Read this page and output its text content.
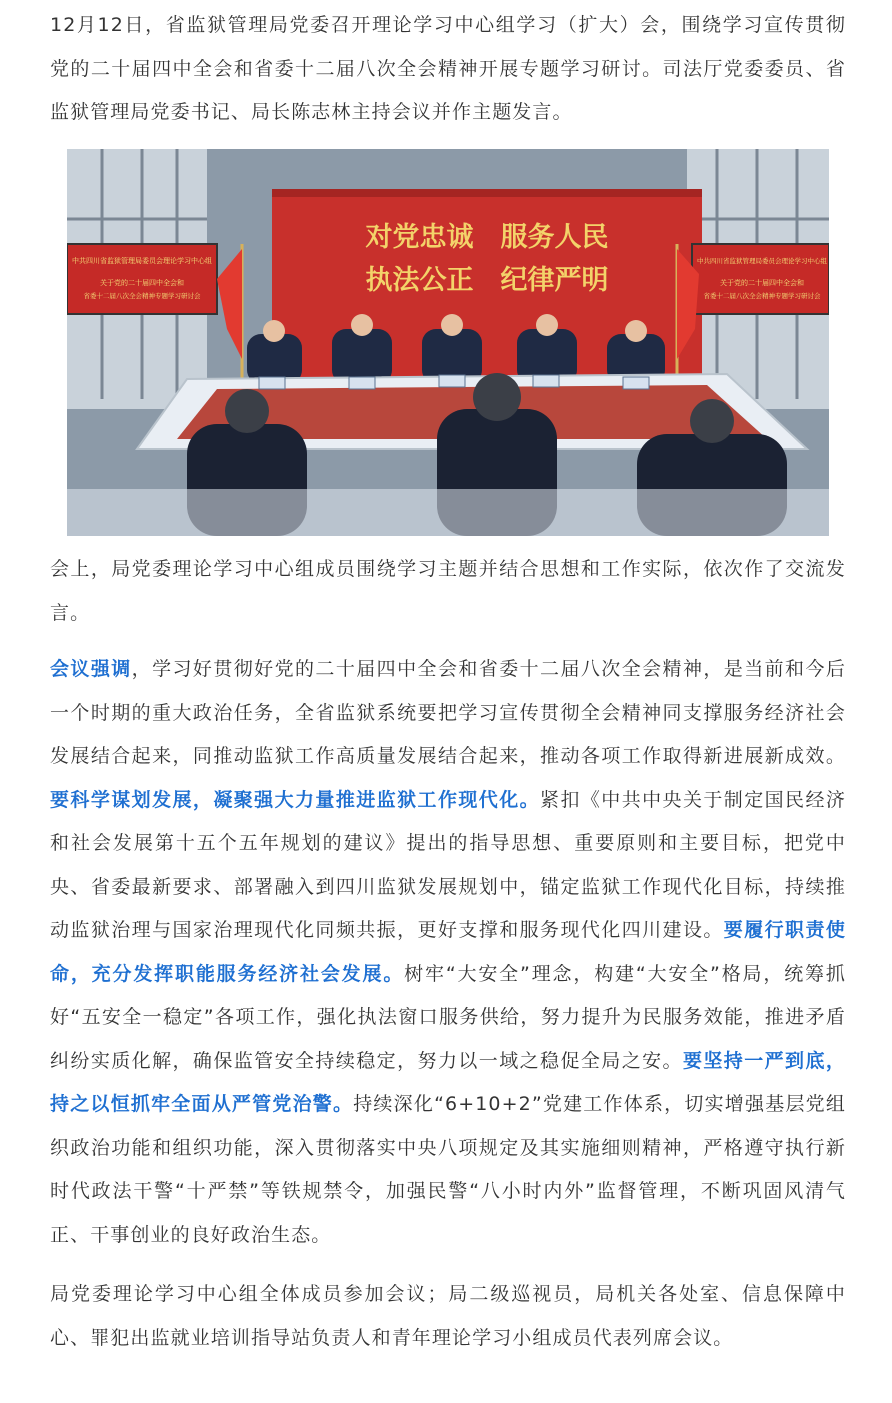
12月12日，省监狱管理局党委召开理论学习中心组学习（扩大）会，围绕学习宣传贯彻党的二十届四中全会和省委十二届八次全会精神开展专题学习研讨。司法厅党委委员、省监狱管理局党委书记、局长陈志林主持会议并作主题发言。

对党忠诚　服务人民
执法公正　纪律严明
中共四川省监狱管理局委员会理论学习中心组
关于党的二十届四中全会和
省委十二届八次全会精神专题学习研讨会
中共四川省监狱管理局委员会理论学习中心组
关于党的二十届四中全会和
省委十二届八次全会精神专题学习研讨会

会上，局党委理论学习中心组成员围绕学习主题并结合思想和工作实际，依次作了交流发言。

会议强调，学习好贯彻好党的二十届四中全会和省委十二届八次全会精神，是当前和今后一个时期的重大政治任务，全省监狱系统要把学习宣传贯彻全会精神同支撑服务经济社会发展结合起来，同推动监狱工作高质量发展结合起来，推动各项工作取得新进展新成效。要科学谋划发展，凝聚强大力量推进监狱工作现代化。紧扣《中共中央关于制定国民经济和社会发展第十五个五年规划的建议》提出的指导思想、重要原则和主要目标，把党中央、省委最新要求、部署融入到四川监狱发展规划中，锚定监狱工作现代化目标，持续推动监狱治理与国家治理现代化同频共振，更好支撑和服务现代化四川建设。要履行职责使命，充分发挥职能服务经济社会发展。树牢“大安全”理念，构建“大安全”格局，统筹抓好“五安全一稳定”各项工作，强化执法窗口服务供给，努力提升为民服务效能，推进矛盾纠纷实质化解，确保监管安全持续稳定，努力以一域之稳促全局之安。要坚持一严到底，持之以恒抓牢全面从严管党治警。持续深化“6+10+2”党建工作体系，切实增强基层党组织政治功能和组织功能，深入贯彻落实中央八项规定及其实施细则精神，严格遵守执行新时代政法干警“十严禁”等铁规禁令，加强民警“八小时内外”监督管理，不断巩固风清气正、干事创业的良好政治生态。

局党委理论学习中心组全体成员参加会议；局二级巡视员，局机关各处室、信息保障中心、罪犯出监就业培训指导站负责人和青年理论学习小组成员代表列席会议。
